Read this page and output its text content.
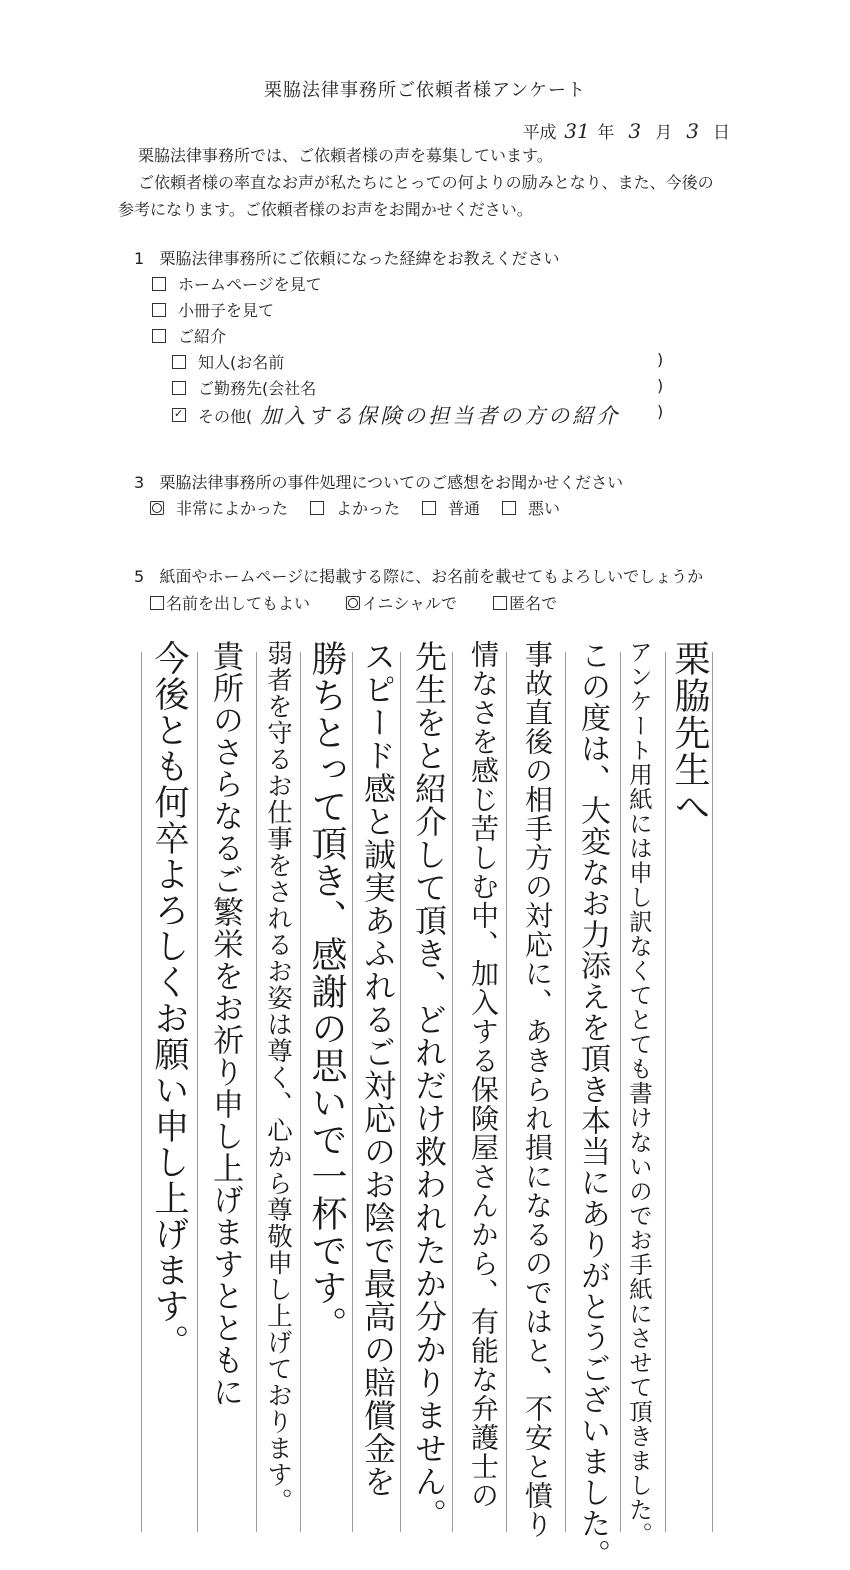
栗脇法律事務所ご依頼者様アンケート
平成 31 年 3 月 3 日
栗脇法律事務所では、ご依頼者様の声を募集しています。
ご依頼者様の率直なお声が私たちにとっての何よりの励みとなり、また、今後の
参考になります。ご依頼者様のお声をお聞かせください。
1 栗脇法律事務所にご依頼になった経緯をお教えください
ホームページを見て
小冊子を見て
ご紹介
知人(お名前	)
ご勤務先(会社名	)
✓
その他( 加入する保険の担当者の方の紹介 )
3 栗脇法律事務所の事件処理についてのご感想をお聞かせください
非常によかった	よかった	普通	悪い
5 紙面やホームページに掲載する際に、お名前を載せてもよろしいでしょうか
名前を出してもよい	イニシャルで	匿名で
栗脇先生へ
アンケート用紙には申し訳なくてとても書けないのでお手紙にさせて頂きました。
この度は、大変なお力添えを頂き本当にありがとうございました。
事故直後の相手方の対応に、あきられ損になるのではと、不安と憤り
情なさを感じ苦しむ中、加入する保険屋さんから、有能な弁護士の
先生をと紹介して頂き、どれだけ救われたか分かりません。
スピード感と誠実あふれるご対応のお陰で最高の賠償金を
勝ちとって頂き、感謝の思いで一杯です。
弱者を守るお仕事をされるお姿は尊く、心から尊敬申し上げております。
貴所のさらなるご繁栄をお祈り申し上げますとともに
今後とも何卒よろしくお願い申し上げます。
